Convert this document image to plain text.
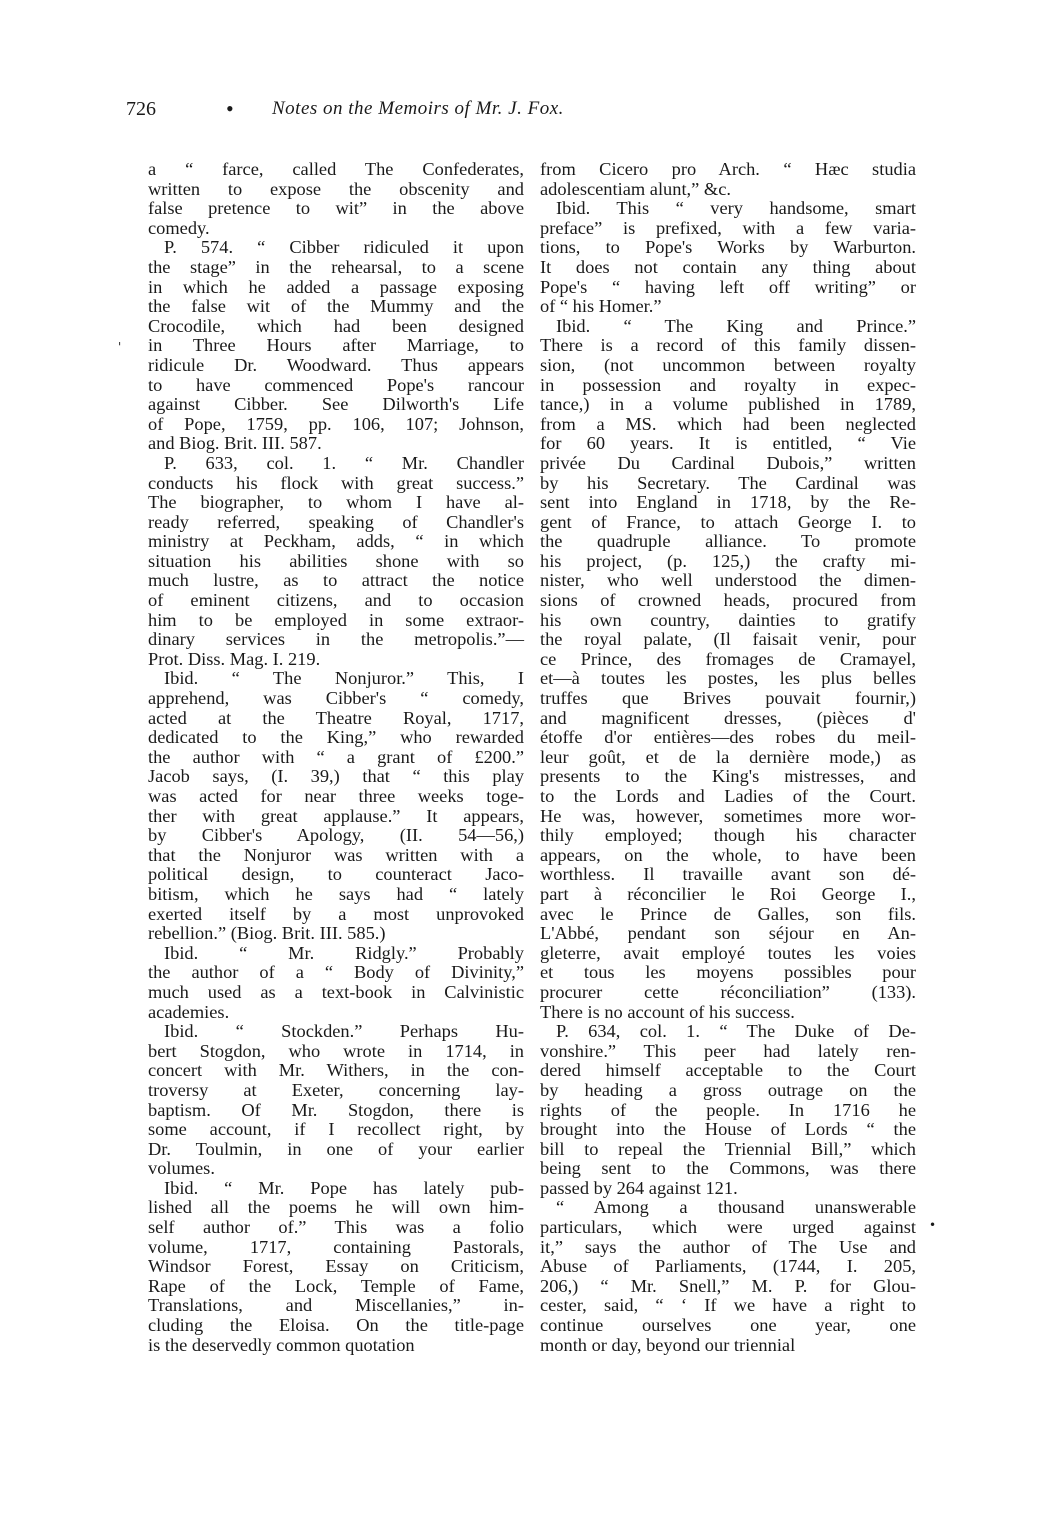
726	• Notes on the Memoirs of Mr. J. Fox.
a “ farce, called The Confederates,
written to expose the obscenity and
false pretence to wit” in the above
comedy.
P. 574. “ Cibber ridiculed it upon
the stage” in the rehearsal, to a scene
in which he added a passage exposing
the false wit of the Mummy and the
Crocodile, which had been designed
in Three Hours after Marriage, to
ridicule Dr. Woodward. Thus appears
to have commenced Pope's rancour
against Cibber. See Dilworth's Life
of Pope, 1759, pp. 106, 107; Johnson,
and Biog. Brit. III. 587.
P. 633, col. 1. “ Mr. Chandler
conducts his flock with great success.”
The biographer, to whom I have al-
ready referred, speaking of Chandler's
ministry at Peckham, adds, “ in which
situation his abilities shone with so
much lustre, as to attract the notice
of eminent citizens, and to occasion
him to be employed in some extraor-
dinary services in the metropolis.”—
Prot. Diss. Mag. I. 219.
Ibid. “ The Nonjuror.” This, I
apprehend, was Cibber's “ comedy,
acted at the Theatre Royal, 1717,
dedicated to the King,” who rewarded
the author with “ a grant of £200.”
Jacob says, (I. 39,) that “ this play
was acted for near three weeks toge-
ther with great applause.” It appears,
by Cibber's Apology, (II. 54—56,)
that the Nonjuror was written with a
political design, to counteract Jaco-
bitism, which he says had “ lately
exerted itself by a most unprovoked
rebellion.” (Biog. Brit. III. 585.)
Ibid. “ Mr. Ridgly.” Probably
the author of a “ Body of Divinity,”
much used as a text-book in Calvinistic
academies.
Ibid. “ Stockden.” Perhaps Hu-
bert Stogdon, who wrote in 1714, in
concert with Mr. Withers, in the con-
troversy at Exeter, concerning lay-
baptism. Of Mr. Stogdon, there is
some account, if I recollect right, by
Dr. Toulmin, in one of your earlier
volumes.
Ibid. “ Mr. Pope has lately pub-
lished all the poems he will own him-
self author of.” This was a folio
volume, 1717, containing Pastorals,
Windsor Forest, Essay on Criticism,
Rape of the Lock, Temple of Fame,
Translations, and Miscellanies,” in-
cluding the Eloisa. On the title-page
is the deservedly common quotation
from Cicero pro Arch. “ Hæc studia
adolescentiam alunt,” &c.
Ibid. This “ very handsome, smart
preface” is prefixed, with a few varia-
tions, to Pope's Works by Warburton.
It does not contain any thing about
Pope's “ having left off writing” or
of “ his Homer.”
Ibid. “ The King and Prince.”
There is a record of this family dissen-
sion, (not uncommon between royalty
in possession and royalty in expec-
tance,) in a volume published in 1789,
from a MS. which had been neglected
for 60 years. It is entitled, “ Vie
privée Du Cardinal Dubois,” written
by his Secretary. The Cardinal was
sent into England in 1718, by the Re-
gent of France, to attach George I. to
the quadruple alliance. To promote
his project, (p. 125,) the crafty mi-
nister, who well understood the dimen-
sions of crowned heads, procured from
his own country, dainties to gratify
the royal palate, (Il faisait venir, pour
ce Prince, des fromages de Cramayel,
et—à toutes les postes, les plus belles
truffes que Brives pouvait fournir,)
and magnificent dresses, (pièces d'
étoffe d'or entières—des robes du meil-
leur goût, et de la dernière mode,) as
presents to the King's mistresses, and
to the Lords and Ladies of the Court.
He was, however, sometimes more wor-
thily employed; though his character
appears, on the whole, to have been
worthless. Il travaille avant son dé-
part à réconcilier le Roi George I.,
avec le Prince de Galles, son fils.
L'Abbé, pendant son séjour en An-
gleterre, avait employé toutes les voies
et tous les moyens possibles pour
procurer cette réconciliation” (133).
There is no account of his success.
P. 634, col. 1. “ The Duke of De-
vonshire.” This peer had lately ren-
dered himself acceptable to the Court
by heading a gross outrage on the
rights of the people. In 1716 he
brought into the House of Lords “ the
bill to repeal the Triennial Bill,” which
being sent to the Commons, was there
passed by 264 against 121.
“ Among a thousand unanswerable
particulars, which were urged against
it,” says the author of The Use and
Abuse of Parliaments, (1744, I. 205,
206,) “ Mr. Snell,” M. P. for Glou-
cester, said, “ ‘ If we have a right to
continue ourselves one year, one
month or day, beyond our triennial
'
•
